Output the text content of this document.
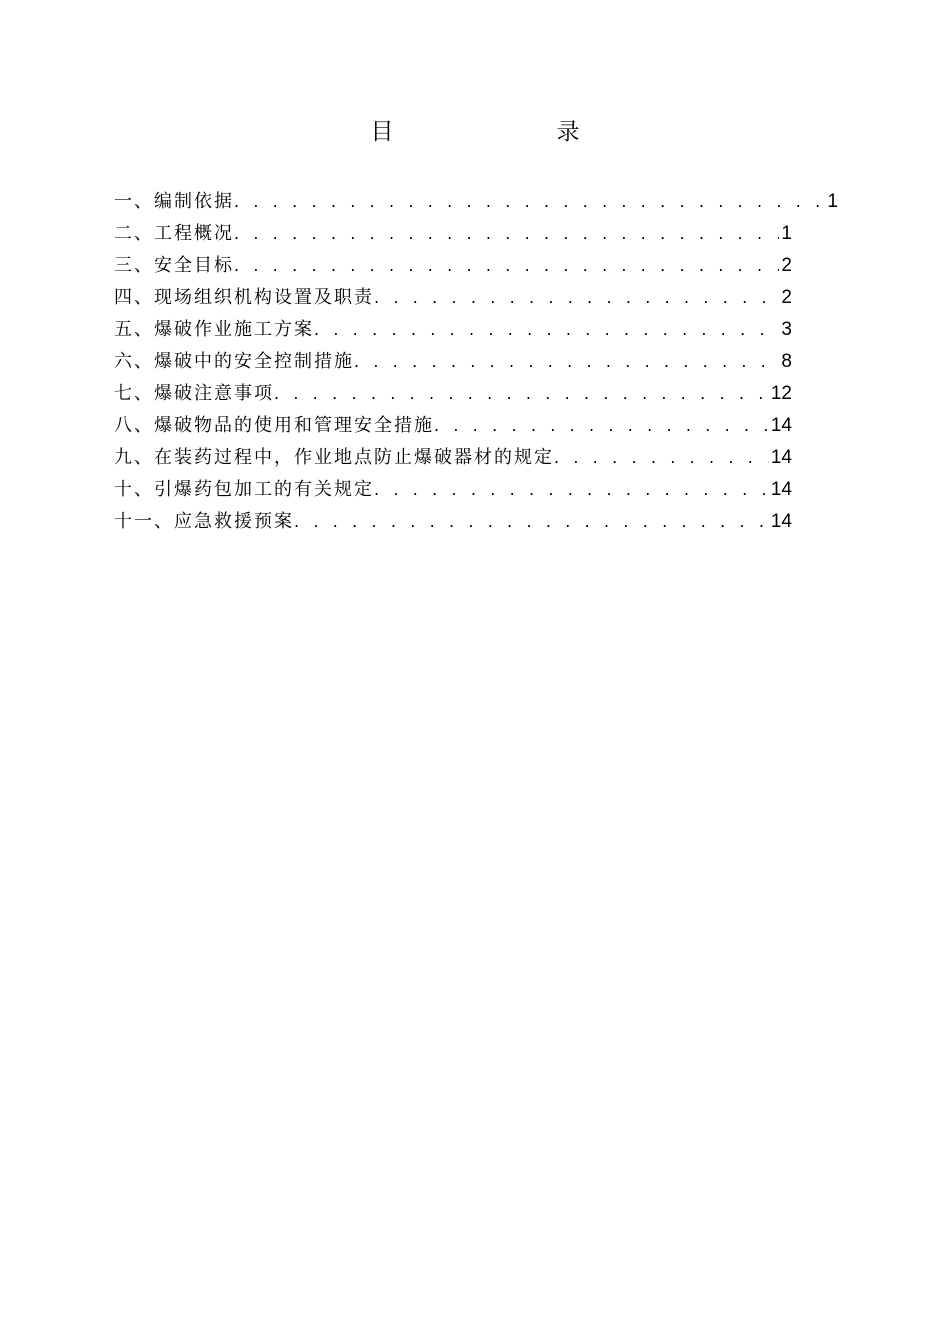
目　录
一、编制依据 . . .	1
二、工程概况 . . .	1
三、安全目标 . . .	2
四、现场组织机构设置及职责 . . .	2
五、爆破作业施工方案 . . .	3
六、爆破中的安全控制措施 . . .	8
七、爆破注意事项 . . .	12
八、爆破物品的使用和管理安全措施 . . .	14
九、在装药过程中，作业地点防止爆破器材的规定 . . .	14
十、引爆药包加工的有关规定 . . .	14
十一、应急救援预案 . . .	14
